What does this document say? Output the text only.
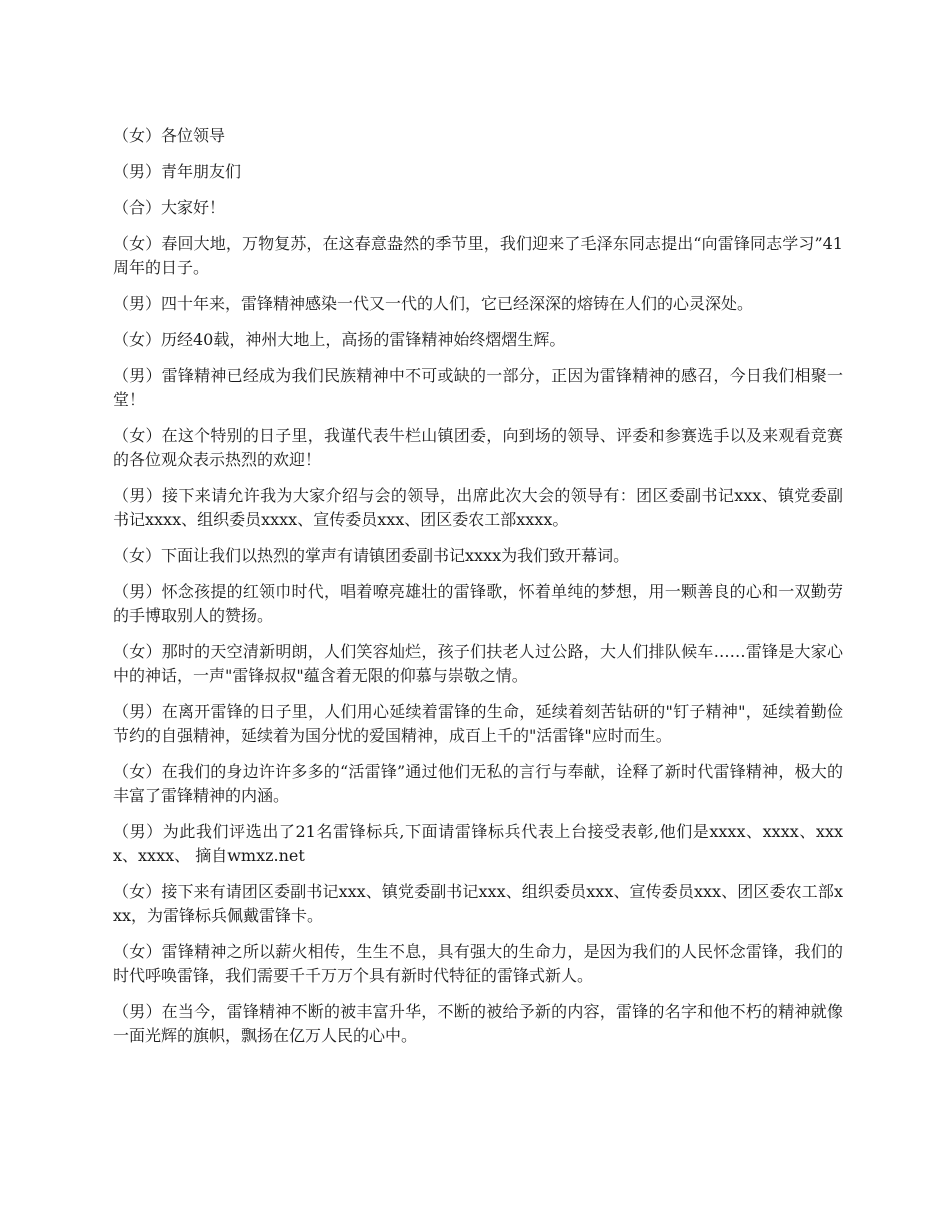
（女）各位领导

（男）青年朋友们

（合）大家好！

（女）春回大地，万物复苏，在这春意盎然的季节里，我们迎来了毛泽东同志提出“向雷锋同志学习”41周年的日子。

（男）四十年来，雷锋精神感染一代又一代的人们，它已经深深的熔铸在人们的心灵深处。

（女）历经40载，神州大地上，高扬的雷锋精神始终熠熠生辉。

（男）雷锋精神已经成为我们民族精神中不可或缺的一部分，正因为雷锋精神的感召，今日我们相聚一堂！

（女）在这个特别的日子里，我谨代表牛栏山镇团委，向到场的领导、评委和参赛选手以及来观看竞赛的各位观众表示热烈的欢迎！

（男）接下来请允许我为大家介绍与会的领导，出席此次大会的领导有：团区委副书记xxx、镇党委副书记xxxx、组织委员xxxx、宣传委员xxx、团区委农工部xxxx。

（女）下面让我们以热烈的掌声有请镇团委副书记xxxx为我们致开幕词。

（男）怀念孩提的红领巾时代，唱着嘹亮雄壮的雷锋歌，怀着单纯的梦想，用一颗善良的心和一双勤劳的手博取别人的赞扬。

（女）那时的天空清新明朗，人们笑容灿烂，孩子们扶老人过公路，大人们排队候车……雷锋是大家心中的神话，一声"雷锋叔叔"蕴含着无限的仰慕与崇敬之情。

（男）在离开雷锋的日子里，人们用心延续着雷锋的生命，延续着刻苦钻研的"钉子精神"，延续着勤俭节约的自强精神，延续着为国分忧的爱国精神，成百上千的"活雷锋"应时而生。

（女）在我们的身边许许多多的“活雷锋”通过他们无私的言行与奉献，诠释了新时代雷锋精神，极大的丰富了雷锋精神的内涵。

（男）为此我们评选出了21名雷锋标兵,下面请雷锋标兵代表上台接受表彰,他们是xxxx、xxxx、xxxx、xxxx、 摘自wmxz.net

（女）接下来有请团区委副书记xxx、镇党委副书记xxx、组织委员xxx、宣传委员xxx、团区委农工部xxx，为雷锋标兵佩戴雷锋卡。

（女）雷锋精神之所以薪火相传，生生不息，具有强大的生命力，是因为我们的人民怀念雷锋，我们的时代呼唤雷锋，我们需要千千万万个具有新时代特征的雷锋式新人。

（男）在当今，雷锋精神不断的被丰富升华，不断的被给予新的内容，雷锋的名字和他不朽的精神就像一面光辉的旗帜，飘扬在亿万人民的心中。
